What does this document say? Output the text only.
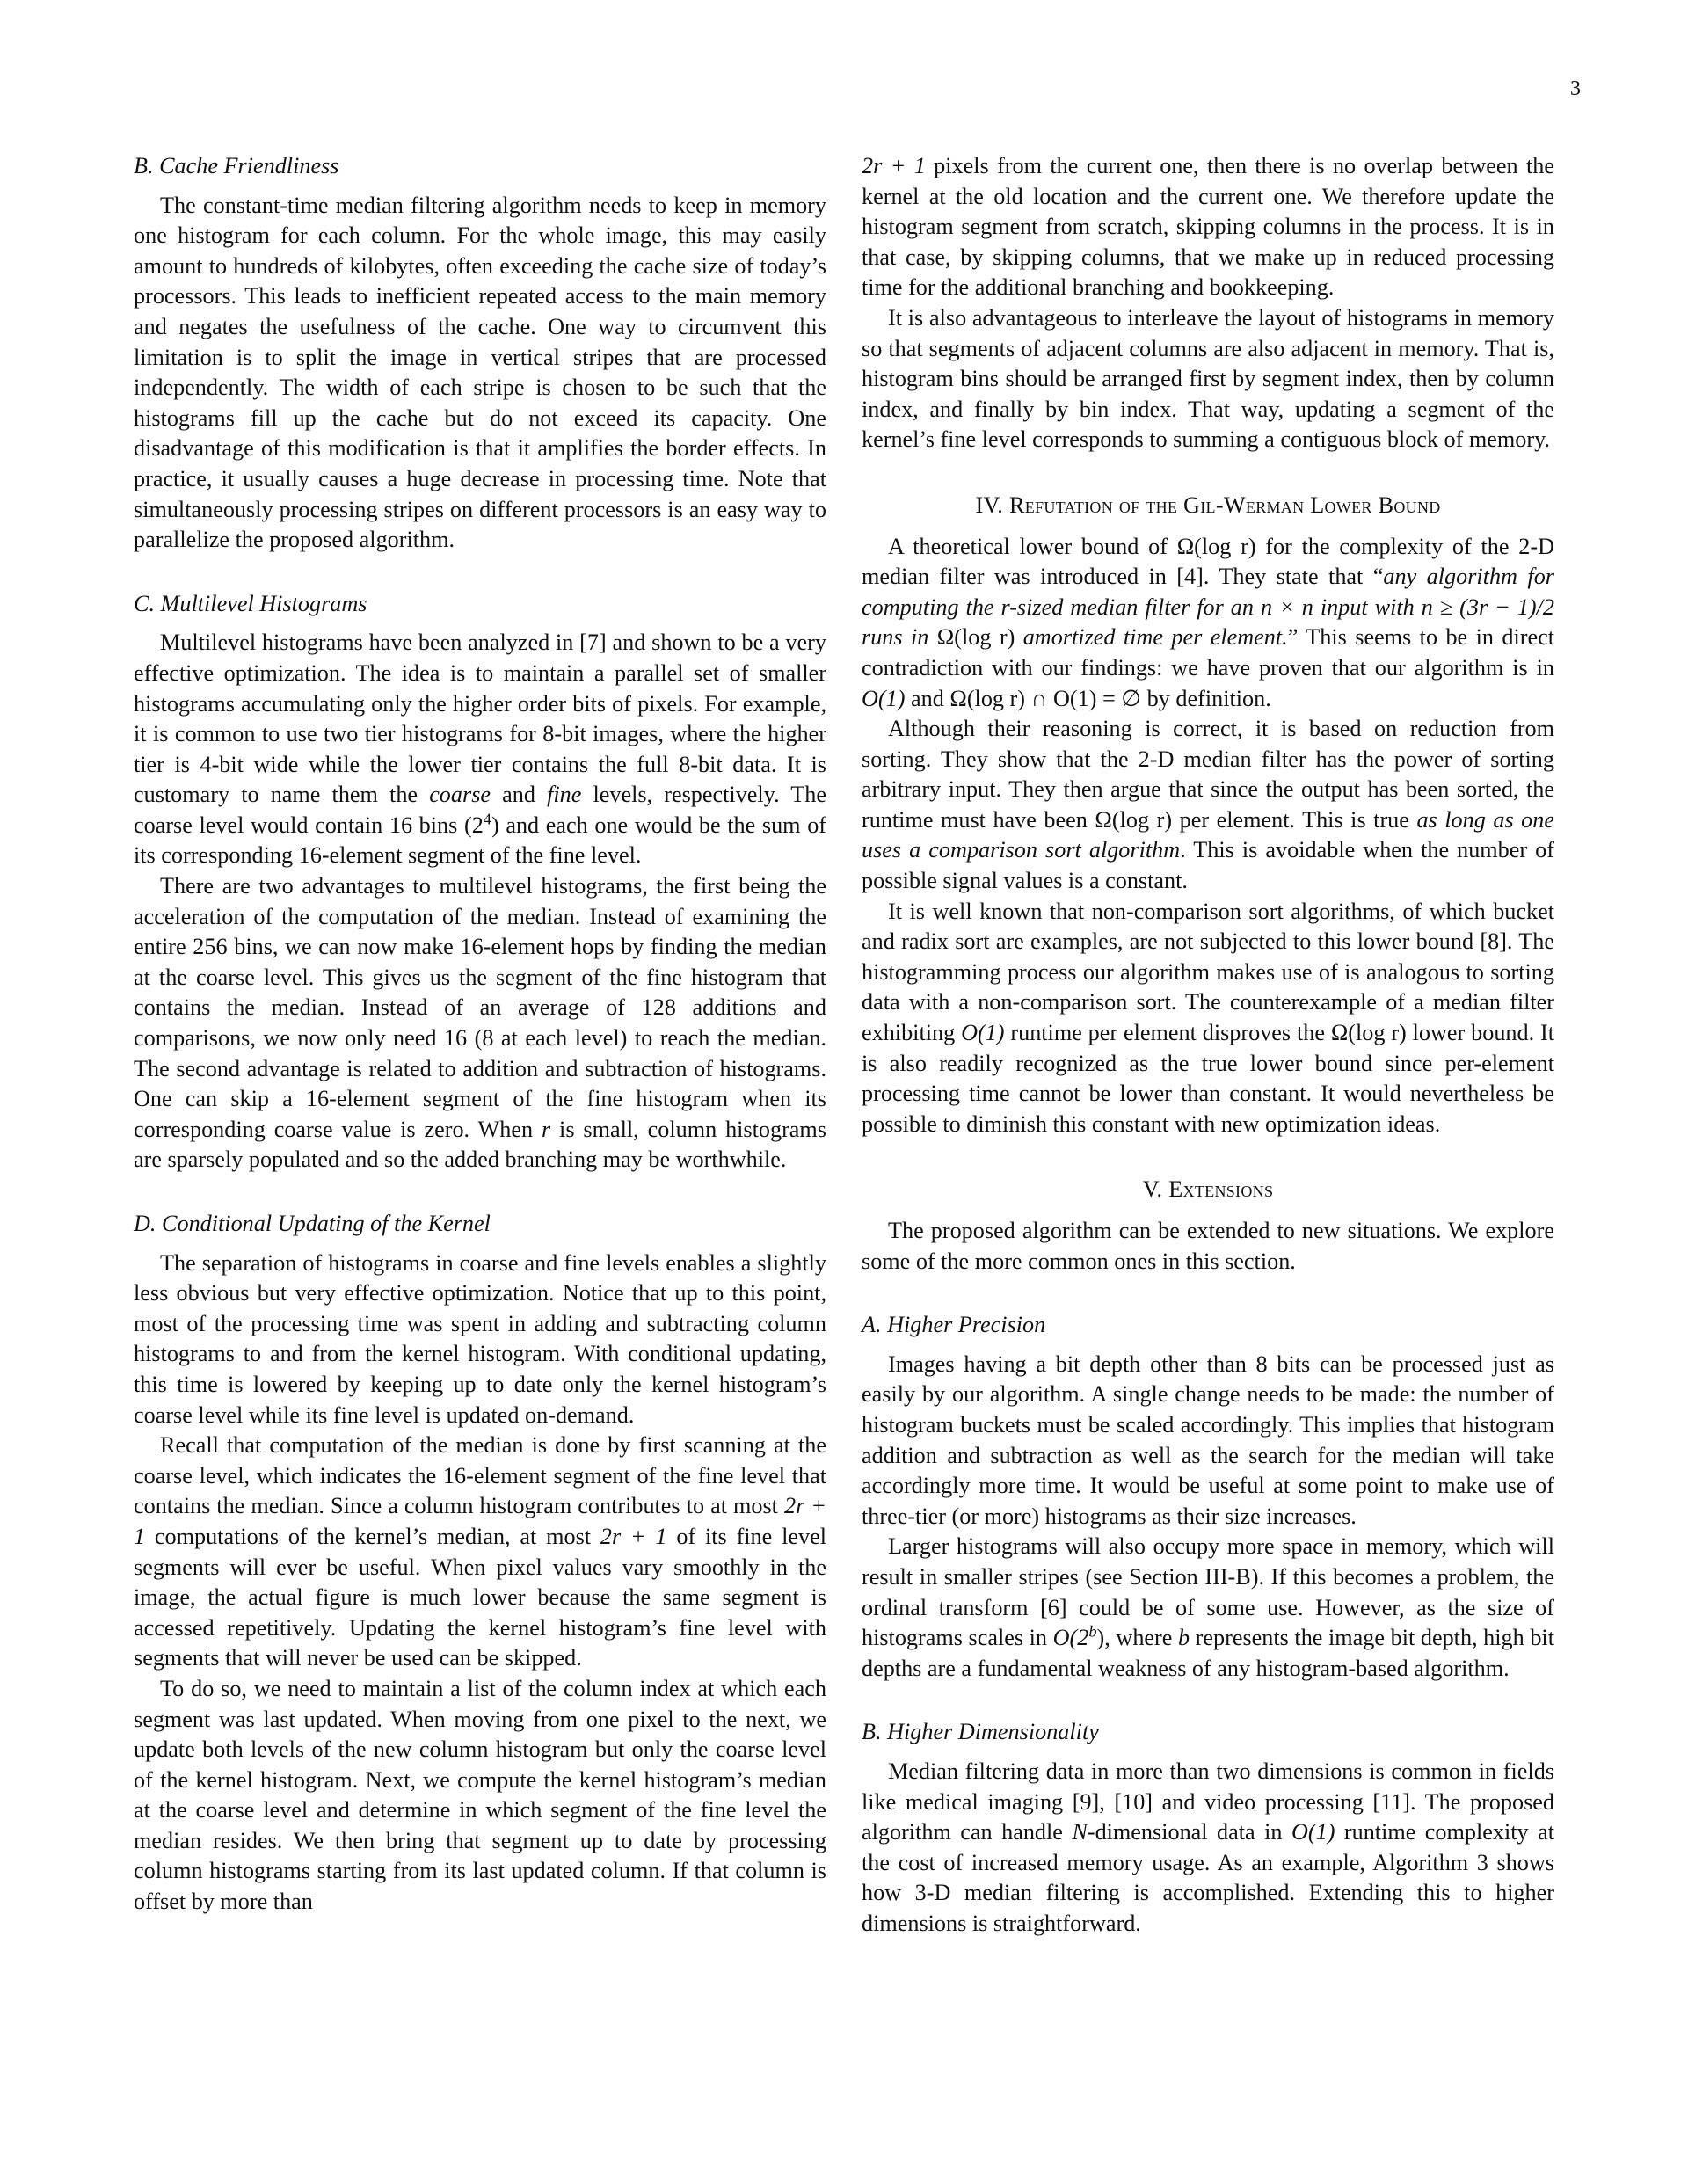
3
B. Cache Friendliness

The constant-time median filtering algorithm needs to keep in memory one histogram for each column. For the whole image, this may easily amount to hundreds of kilobytes, often exceeding the cache size of today’s processors. This leads to inefficient repeated access to the main memory and negates the usefulness of the cache. One way to circumvent this limitation is to split the image in vertical stripes that are processed independently. The width of each stripe is chosen to be such that the histograms fill up the cache but do not exceed its capacity. One disadvantage of this modification is that it amplifies the border effects. In practice, it usually causes a huge decrease in processing time. Note that simultaneously processing stripes on different processors is an easy way to parallelize the proposed algorithm.

C. Multilevel Histograms

Multilevel histograms have been analyzed in [7] and shown to be a very effective optimization. The idea is to maintain a parallel set of smaller histograms accumulating only the higher order bits of pixels. For example, it is common to use two tier histograms for 8-bit images, where the higher tier is 4-bit wide while the lower tier contains the full 8-bit data. It is customary to name them the coarse and fine levels, respectively. The coarse level would contain 16 bins $(2^4)$ and each one would be the sum of its corresponding 16-element segment of the fine level.

There are two advantages to multilevel histograms, the first being the acceleration of the computation of the median. Instead of examining the entire 256 bins, we can now make 16-element hops by finding the median at the coarse level. This gives us the segment of the fine histogram that contains the median. Instead of an average of 128 additions and comparisons, we now only need 16 (8 at each level) to reach the median. The second advantage is related to addition and subtraction of histograms. One can skip a 16-element segment of the fine histogram when its corresponding coarse value is zero. When r is small, column histograms are sparsely populated and so the added branching may be worthwhile.

D. Conditional Updating of the Kernel

The separation of histograms in coarse and fine levels enables a slightly less obvious but very effective optimization. Notice that up to this point, most of the processing time was spent in adding and subtracting column histograms to and from the kernel histogram. With conditional updating, this time is lowered by keeping up to date only the kernel histogram’s coarse level while its fine level is updated on-demand.

Recall that computation of the median is done by first scanning at the coarse level, which indicates the 16-element segment of the fine level that contains the median. Since a column histogram contributes to at most 2r + 1 computations of the kernel’s median, at most 2r + 1 of its fine level segments will ever be useful. When pixel values vary smoothly in the image, the actual figure is much lower because the same segment is accessed repetitively. Updating the kernel histogram’s fine level with segments that will never be used can be skipped.

To do so, we need to maintain a list of the column index at which each segment was last updated. When moving from one pixel to the next, we update both levels of the new column histogram but only the coarse level of the kernel histogram. Next, we compute the kernel histogram’s median at the coarse level and determine in which segment of the fine level the median resides. We then bring that segment up to date by processing column histograms starting from its last updated column. If that column is offset by more than

2r + 1 pixels from the current one, then there is no overlap between the kernel at the old location and the current one. We therefore update the histogram segment from scratch, skipping columns in the process. It is in that case, by skipping columns, that we make up in reduced processing time for the additional branching and bookkeeping.

It is also advantageous to interleave the layout of histograms in memory so that segments of adjacent columns are also adjacent in memory. That is, histogram bins should be arranged first by segment index, then by column index, and finally by bin index. That way, updating a segment of the kernel’s fine level corresponds to summing a contiguous block of memory.

IV. Refutation of the Gil-Werman Lower Bound

A theoretical lower bound of Ω(log r) for the complexity of the 2-D median filter was introduced in [4]. They state that “any algorithm for computing the r-sized median filter for an n × n input with n ≥ (3r − 1)/2 runs in Ω(log r) amortized time per element.” This seems to be in direct contradiction with our findings: we have proven that our algorithm is in O(1) and Ω(log r) ∩ O(1) = ∅ by definition.

Although their reasoning is correct, it is based on reduction from sorting. They show that the 2-D median filter has the power of sorting arbitrary input. They then argue that since the output has been sorted, the runtime must have been Ω(log r) per element. This is true as long as one uses a comparison sort algorithm. This is avoidable when the number of possible signal values is a constant.

It is well known that non-comparison sort algorithms, of which bucket and radix sort are examples, are not subjected to this lower bound [8]. The histogramming process our algorithm makes use of is analogous to sorting data with a non-comparison sort. The counterexample of a median filter exhibiting O(1) runtime per element disproves the Ω(log r) lower bound. It is also readily recognized as the true lower bound since per-element processing time cannot be lower than constant. It would nevertheless be possible to diminish this constant with new optimization ideas.

V. Extensions

The proposed algorithm can be extended to new situations. We explore some of the more common ones in this section.

A. Higher Precision

Images having a bit depth other than 8 bits can be processed just as easily by our algorithm. A single change needs to be made: the number of histogram buckets must be scaled accordingly. This implies that histogram addition and subtraction as well as the search for the median will take accordingly more time. It would be useful at some point to make use of three-tier (or more) histograms as their size increases.

Larger histograms will also occupy more space in memory, which will result in smaller stripes (see Section III-B). If this becomes a problem, the ordinal transform [6] could be of some use. However, as the size of histograms scales in O(2$^b$), where b represents the image bit depth, high bit depths are a fundamental weakness of any histogram-based algorithm.

B. Higher Dimensionality

Median filtering data in more than two dimensions is common in fields like medical imaging [9], [10] and video processing [11]. The proposed algorithm can handle N-dimensional data in O(1) runtime complexity at the cost of increased memory usage. As an example, Algorithm 3 shows how 3-D median filtering is accomplished. Extending this to higher dimensions is straightforward.
